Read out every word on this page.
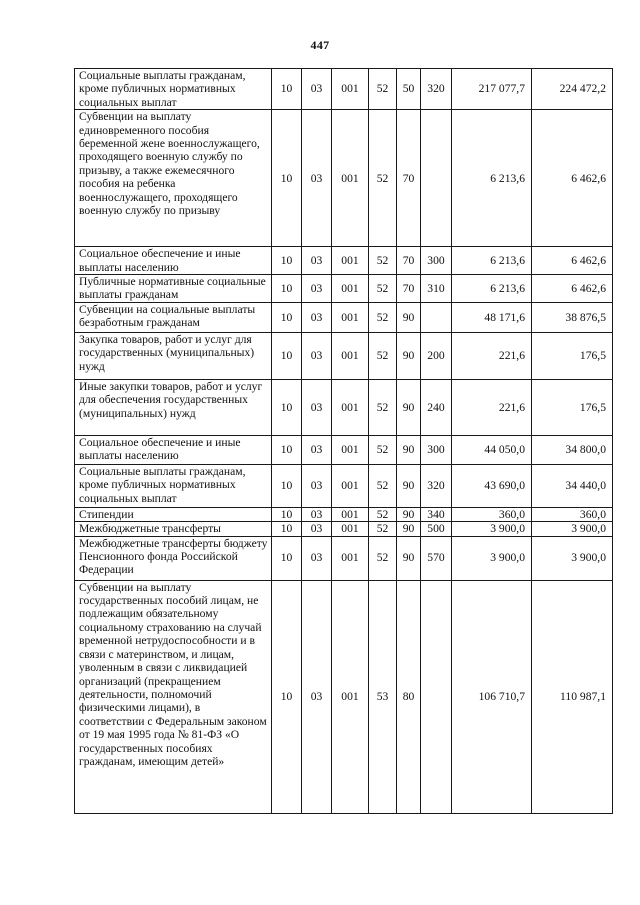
447
Социальные выплаты гражданам, кроме публичных нормативных социальных выплат	10	03	001	52	50	320	217 077,7	224 472,2
Субвенции на выплату единовременного пособия беременной жене военнослужащего, проходящего военную службу по призыву, а также ежемесячного пособия на ребенка военнослужащего, проходящего военную службу по призыву	10	03	001	52	70		6 213,6	6 462,6
Социальное обеспечение и иные выплаты населению	10	03	001	52	70	300	6 213,6	6 462,6
Публичные нормативные социальные выплаты гражданам	10	03	001	52	70	310	6 213,6	6 462,6
Субвенции на социальные выплаты безработным гражданам	10	03	001	52	90		48 171,6	38 876,5
Закупка товаров, работ и услуг для государственных (муниципальных) нужд	10	03	001	52	90	200	221,6	176,5
Иные закупки товаров, работ и услуг для обеспечения государственных (муниципальных) нужд	10	03	001	52	90	240	221,6	176,5
Социальное обеспечение и иные выплаты населению	10	03	001	52	90	300	44 050,0	34 800,0
Социальные выплаты гражданам, кроме публичных нормативных социальных выплат	10	03	001	52	90	320	43 690,0	34 440,0
Стипендии	10	03	001	52	90	340	360,0	360,0
Межбюджетные трансферты	10	03	001	52	90	500	3 900,0	3 900,0
Межбюджетные трансферты бюджету Пенсионного фонда Российской Федерации	10	03	001	52	90	570	3 900,0	3 900,0
Субвенции на выплату государственных пособий лицам, не подлежащим обязательному социальному страхованию на случай временной нетрудоспособности и в связи с материнством, и лицам, уволенным в связи с ликвидацией организаций (прекращением деятельности, полномочий физическими лицами), в соответствии с Федеральным законом от 19 мая 1995 года № 81-ФЗ «О государственных пособиях гражданам, имеющим детей»	10	03	001	53	80		106 710,7	110 987,1
